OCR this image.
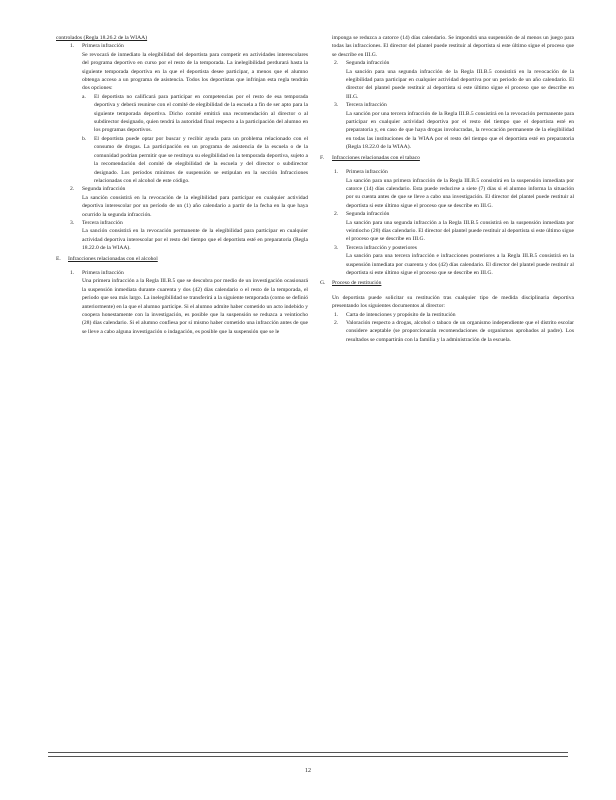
controlados (Regla 18.26.2 de la WIAA)

1.	Primera infracción

Se revocará de inmediato la elegibilidad del deportista para competir en actividades interescolares del programa deportivo en curso por el resto de la temporada. La inelegibilidad perdurará hasta la siguiente temporada deportiva en la que el deportista desee participar, a menos que el alumno obtenga acceso a un programa de asistencia. Todos los deportistas que infrinjan esta regla tendrán dos opciones:

a.	El deportista no calificará para participar en competencias por el resto de esa temporada deportiva y deberá reunirse con el comité de elegibilidad de la escuela a fin de ser apto para la siguiente temporada deportiva. Dicho comité emitirá una recomendación al director o al subdirector designado, quien tendrá la autoridad final respecto a la participación del alumno en los programas deportivos.

b.	El deportista puede optar por buscar y recibir ayuda para un problema relacionado con el consumo de drogas. La participación en un programa de asistencia de la escuela o de la comunidad podrían permitir que se restituya su elegibilidad en la temporada deportiva, sujeto a la recomendación del comité de elegibilidad de la escuela y del director o subdirector designado. Los períodos mínimos de suspensión se estipulan en la sección Infracciones relacionadas con el alcohol de este código.

2.	Segunda infracción

La sanción consistirá en la revocación de la elegibilidad para participar en cualquier actividad deportiva interescolar por un período de un (1) año calendario a partir de la fecha en la que haya ocurrido la segunda infracción.

3.	Tercera infracción

La sanción consistirá en la revocación permanente de la elegibilidad para participar en cualquier actividad deportiva interescolar por el resto del tiempo que el deportista esté en preparatoria (Regla 18.22.0 de la WIAA).

E.	Infracciones relacionadas con el alcohol
1.	Primera infracción

Una primera infracción a la Regla III.B.5 que se descubra por medio de un investigación ocasionará la suspensión inmediata durante cuarenta y dos (42) días calendario o el resto de la temporada, el periodo que sea más largo. La inelegibilidad se transferirá a la siguiente temporada (como se definió anteriormente) en la que el alumno participe. Si el alumno admite haber cometido un acto indebido y coopera honestamente con la investigación, es posible que la suspensión se reduzca a veintiocho (28) días calendario. Si el alumno confiesa por sí mismo haber cometido una infracción antes de que se lleve a cabo alguna investigación o indagación, es posible que la suspensión que se le

imponga se reduzca a catorce (14) días calendario. Se impondrá una suspensión de al menos un juego para todas las infracciones. El director del plantel puede restituir al deportista si este último sigue el proceso que se describe en III.G.

2.	Segunda infracción

La sanción para una segunda infracción de la Regla III.B.5 consistirá en la revocación de la elegibilidad para participar en cualquier actividad deportiva por un periodo de un año calendario. El director del plantel puede restituir al deportista si este último sigue el proceso que se describe en III.G.

3.	Tercera infracción

La sanción por una tercera infracción de la Regla III.B.5 consistirá en la revocación permanente para participar en cualquier actividad deportiva por el resto del tiempo que el deportista esté en preparatoria y, en caso de que haya drogas involucradas, la revocación permanente de la elegibilidad en todas las instituciones de la WIAA por el resto del tiempo que el deportista esté en preparatoria (Regla 18.22.0 de la WIAA).

F.	Infracciones relacionadas con el tabaco
1.	Primera infracción

La sanción para una primera infracción de la Regla III.B.5 consistirá en la suspensión inmediata por catorce (14) días calendario. Esta puede reducirse a siete (7) días si el alumno informa la situación por su cuenta antes de que se lleve a cabo una investigación. El director del plantel puede restituir al deportista si este último sigue el proceso que se describe en III.G.

2.	Segunda infracción

La sanción para una segunda infracción a la Regla III.B.5 consistirá en la suspensión inmediata por veintiocho (28) días calendario. El director del plantel puede restituir al deportista si este último sigue el proceso que se describe en III.G.

3.	Tercera infracción y posteriores

La sanción para una tercera infracción e infracciones posteriores a la Regla III.B.5 consistirá en la suspensión inmediata por cuarenta y dos (42) días calendario. El director del plantel puede restituir al deportista si este último sigue el proceso que se describe en III.G.

G.	Proceso de restitución

Un deportista puede solicitar su restitución tras cualquier tipo de medida disciplinaria deportiva presentando los siguientes documentos al director:

1.	Carta de intenciones y propósito de la restitución

2.	Valoración respecto a drogas, alcohol o tabaco de un organismo independiente que el distrito escolar considere aceptable (se proporcionarán recomendaciones de organismos aprobados al padre). Los resultados se compartirán con la familia y la administración de la escuela.

12
